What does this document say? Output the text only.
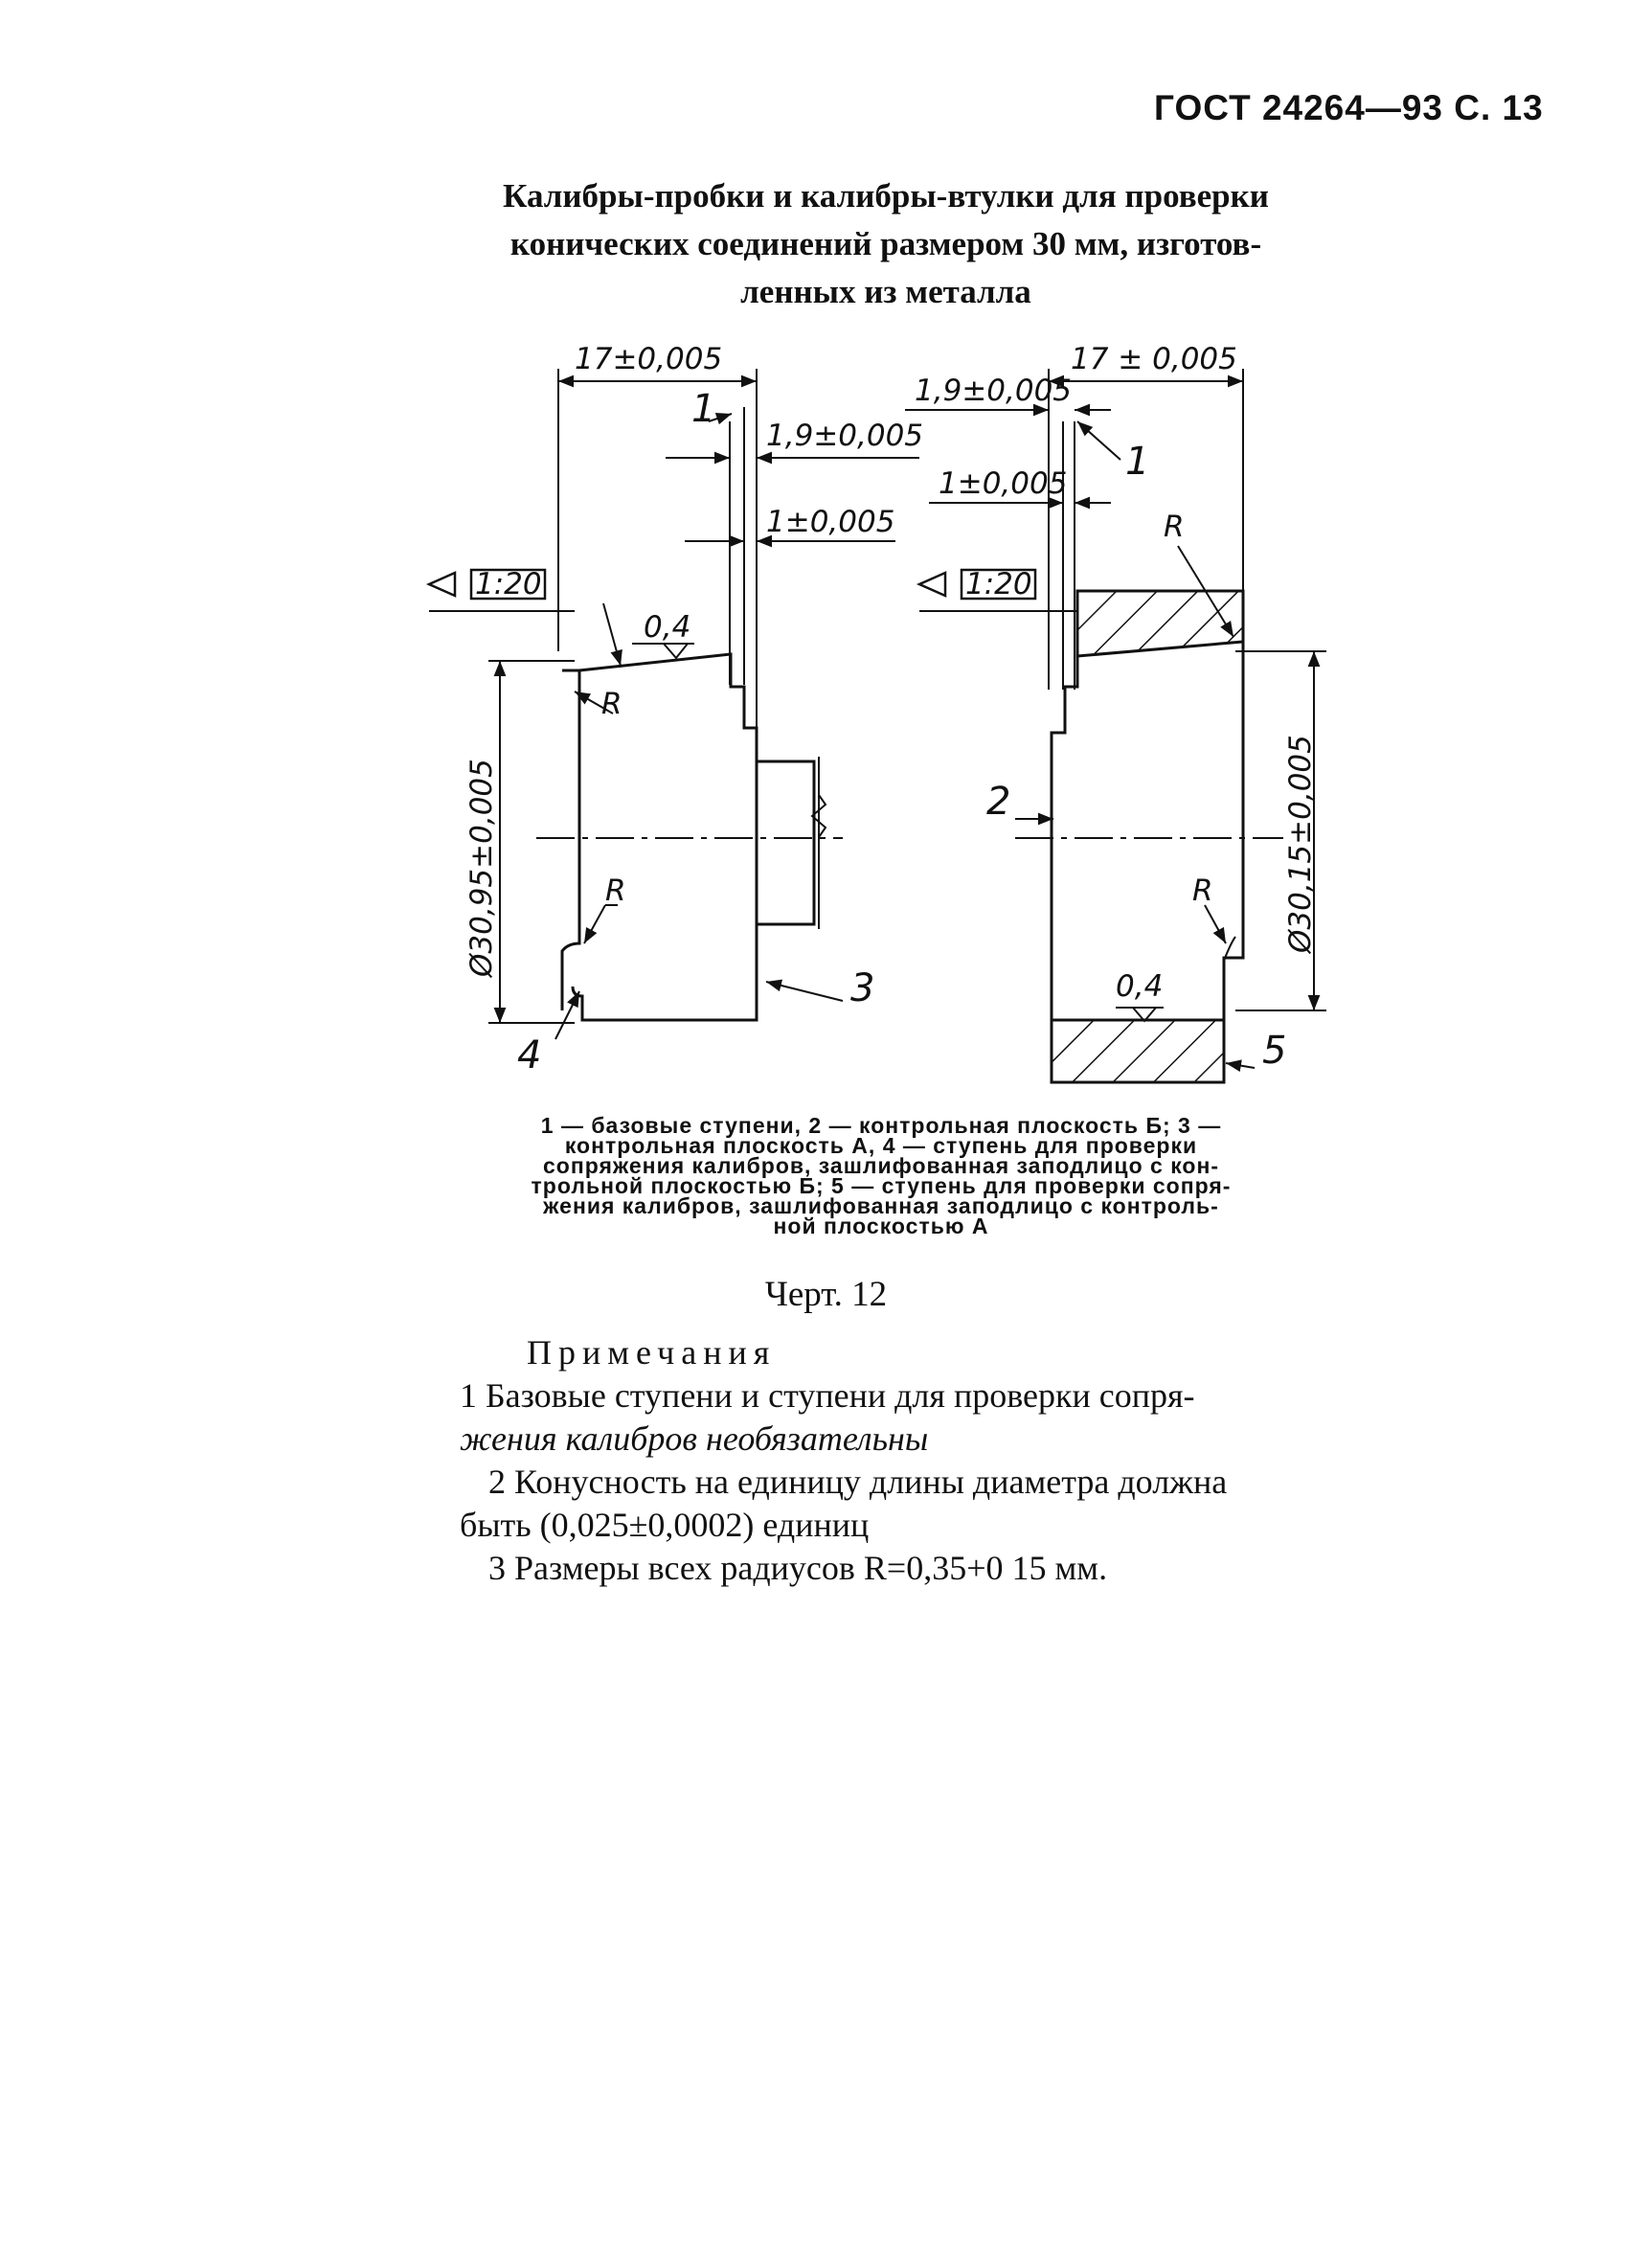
ГОСТ 24264—93 С. 13
Калибры-пробки и калибры-втулки для проверки
конических соединений размером 30 мм, изготов-
ленных из металла
17±0,005
1,9±0,005
1±0,005
1:20
0,4
R
R
Ø30,95±0,005
1
3
4
17 ± 0,005
1,9±0,005
1±0,005
1:20
0,4
R
R Ø30,15±0,005
1
2
5
1 — базовые ступени, 2 — контрольная плоскость Б; 3 —
контрольная плоскость А, 4 — ступень для проверки
сопряжения калибров, зашлифованная заподлицо с кон-
трольной плоскостью Б; 5 — ступень для проверки сопря-
жения калибров, зашлифованная заподлицо с контроль-
ной плоскостью А
Черт. 12
Примечания
1 Базовые ступени и ступени для проверки сопря-
жения калибров необязательны
2 Конусность на единицу длины диаметра должна
быть (0,025±0,0002) единиц
3 Размеры всех радиусов R=0,35+0 15 мм.
